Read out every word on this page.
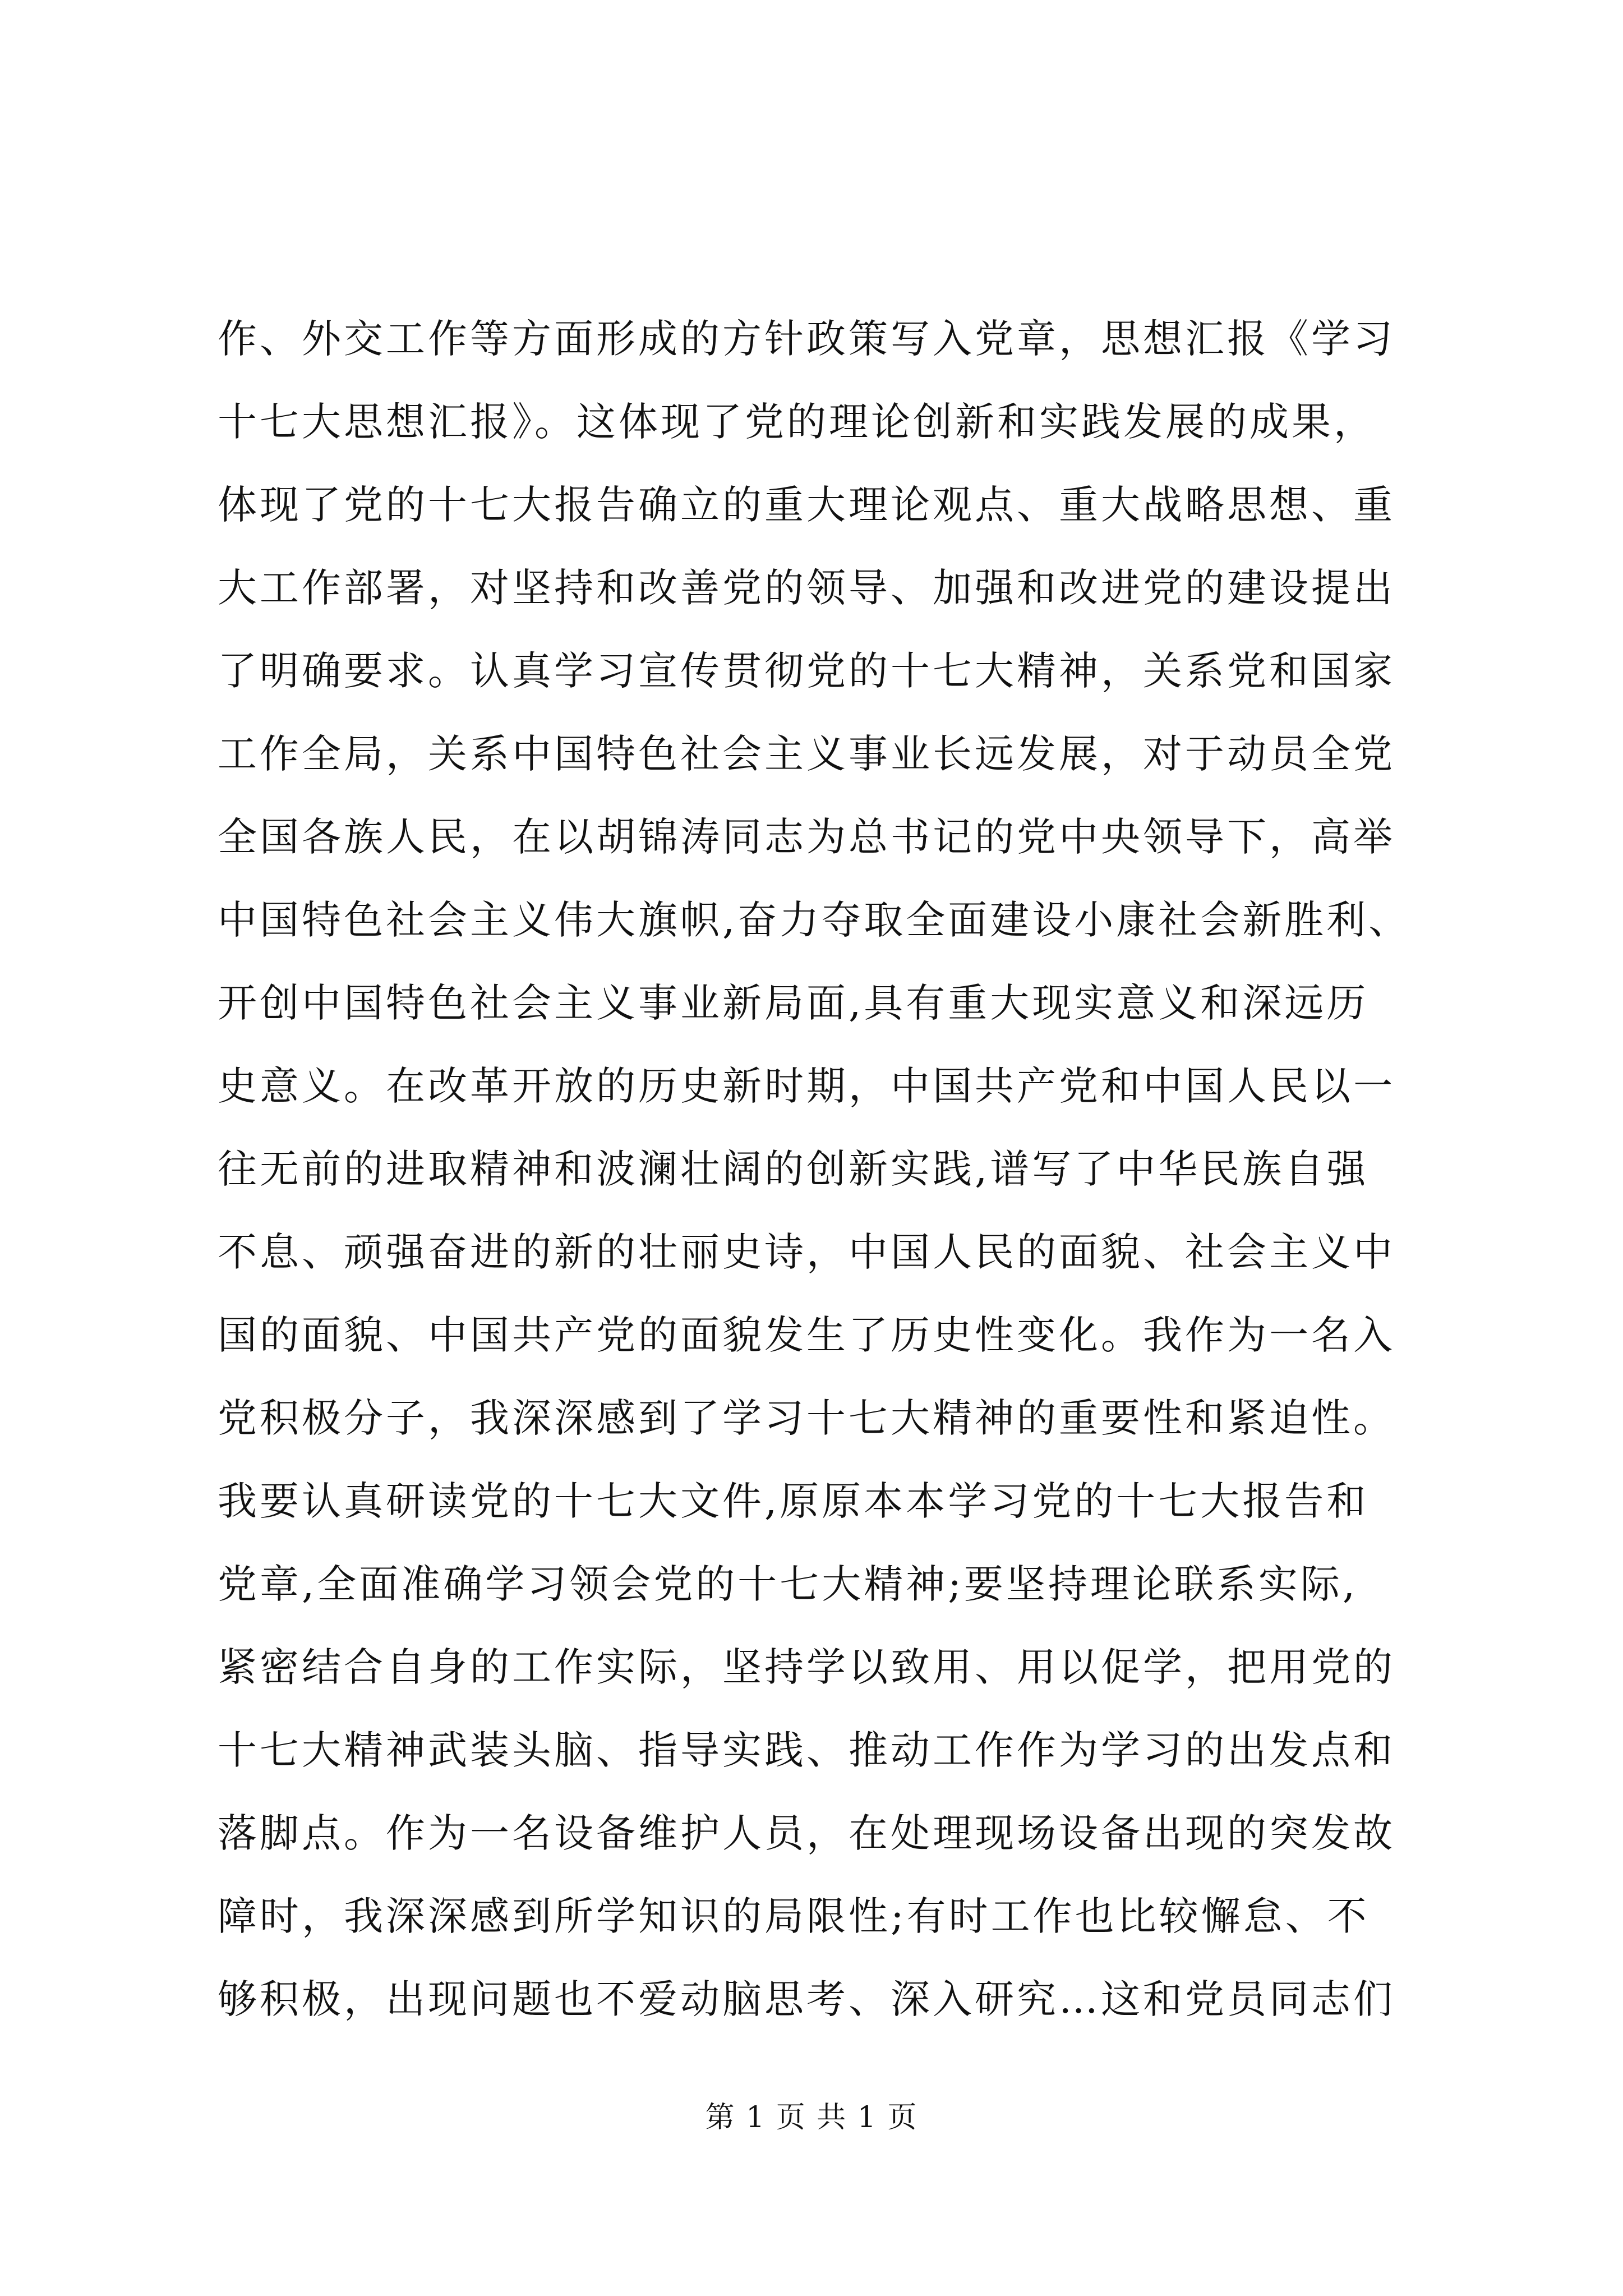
作、外交工作等方面形成的方针政策写入党章，思想汇报《学习
十七大思想汇报》。这体现了党的理论创新和实践发展的成果，
体现了党的十七大报告确立的重大理论观点、重大战略思想、重
大工作部署，对坚持和改善党的领导、加强和改进党的建设提出
了明确要求。认真学习宣传贯彻党的十七大精神，关系党和国家
工作全局，关系中国特色社会主义事业长远发展，对于动员全党
全国各族人民，在以胡锦涛同志为总书记的党中央领导下，高举
中国特色社会主义伟大旗帜,奋力夺取全面建设小康社会新胜利、
开创中国特色社会主义事业新局面,具有重大现实意义和深远历
史意义。在改革开放的历史新时期，中国共产党和中国人民以一
往无前的进取精神和波澜壮阔的创新实践,谱写了中华民族自强
不息、顽强奋进的新的壮丽史诗，中国人民的面貌、社会主义中
国的面貌、中国共产党的面貌发生了历史性变化。我作为一名入
党积极分子，我深深感到了学习十七大精神的重要性和紧迫性。
我要认真研读党的十七大文件,原原本本学习党的十七大报告和
党章,全面准确学习领会党的十七大精神;要坚持理论联系实际,
紧密结合自身的工作实际，坚持学以致用、用以促学，把用党的
十七大精神武装头脑、指导实践、推动工作作为学习的出发点和
落脚点。作为一名设备维护人员，在处理现场设备出现的突发故
障时，我深深感到所学知识的局限性;有时工作也比较懈怠、不
够积极，出现问题也不爱动脑思考、深入研究…这和党员同志们
第 1 页 共 1 页
